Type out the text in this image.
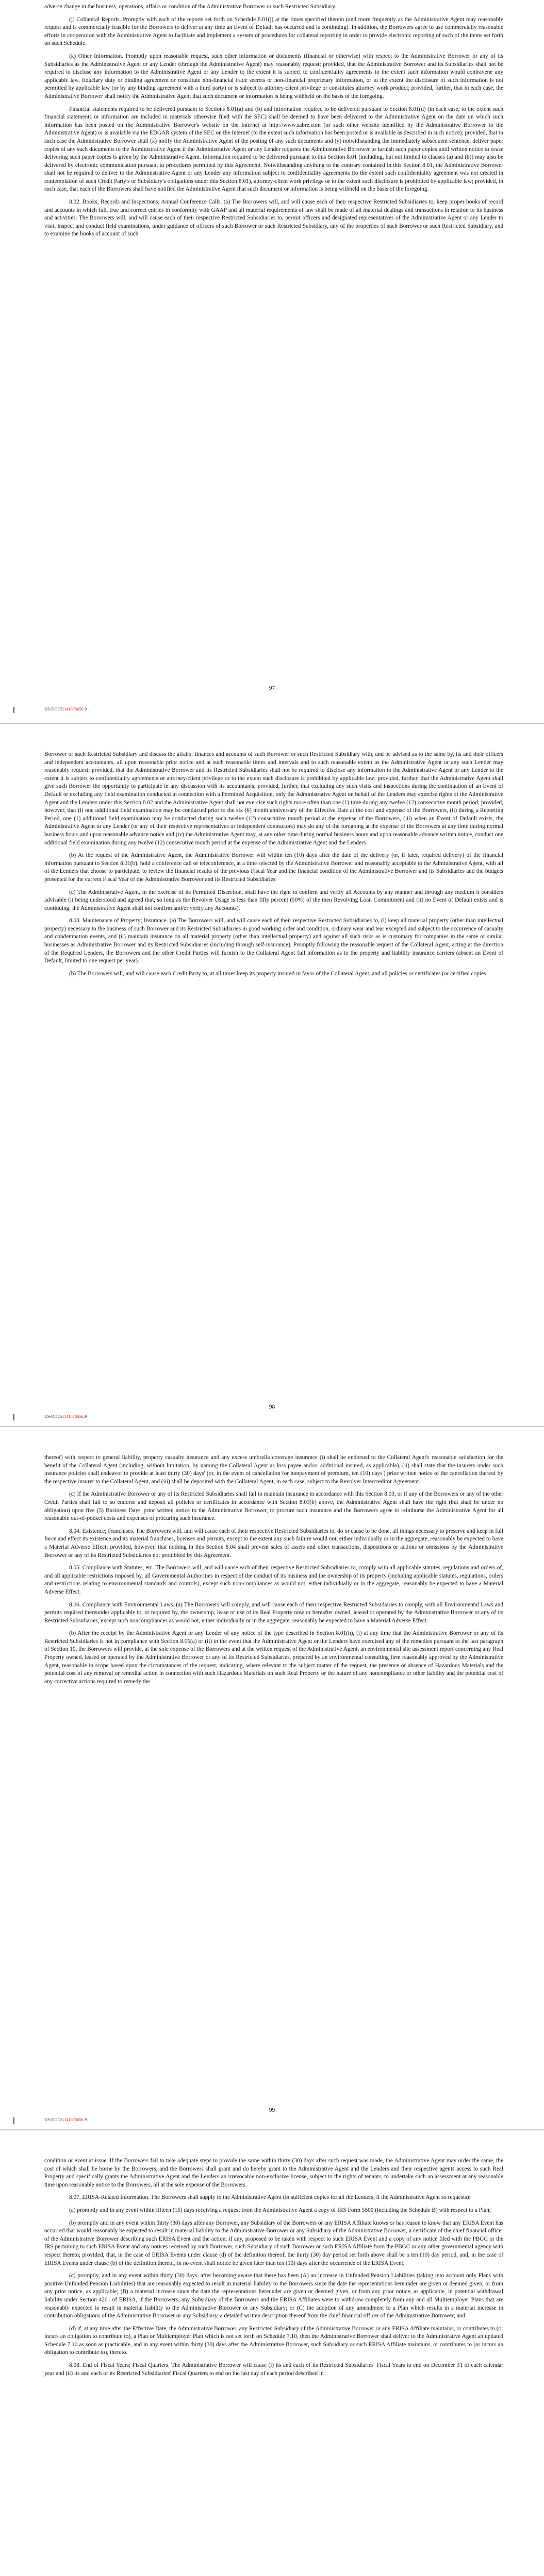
adverse change in the business, operations, affairs or condition of the Administrative Borrower or such Restricted Subsidiary.

(j) Collateral Reports. Promptly with each of the reports set forth on Schedule 8.01(j) at the times specified therein (and more frequently as the Administrative Agent may reasonably request and is commercially feasible for the Borrowers to deliver at any time an Event of Default has occurred and is continuing). In addition, the Borrowers agree to use commercially reasonable efforts in cooperation with the Administrative Agent to facilitate and implement a system of procedures for collateral reporting in order to provide electronic reporting of each of the items set forth on such Schedule.

(k) Other Information. Promptly upon reasonable request, such other information or documents (financial or otherwise) with respect to the Administrative Borrower or any of its Subsidiaries as the Administrative Agent or any Lender (through the Administrative Agent) may reasonably request; provided, that the Administrative Borrower and its Subsidiaries shall not be required to disclose any information to the Administrative Agent or any Lender to the extent it is subject to confidentiality agreements to the extent such information would contravene any applicable law, fiduciary duty or binding agreement or constitute non-financial trade secrets or non-financial proprietary information, or to the extent the disclosure of such information is not permitted by applicable law (or by any binding agreement with a third party) or is subject to attorney-client privilege or constitutes attorney work product; provided, further, that in each case, the Administrative Borrower shall notify the Administrative Agent that such document or information is being withheld on the basis of the foregoing.

Financial statements required to be delivered pursuant to Sections 8.01(a) and (b) and information required to be delivered pursuant to Section 8.01(d) (in each case, to the extent such financial statements or information are included in materials otherwise filed with the SEC) shall be deemed to have been delivered to the Administrative Agent on the date on which such information has been posted on the Administrative Borrower's website on the Internet at http://www.sabre.com (or such other website identified by the Administrative Borrower to the Administrative Agent) or is available via the EDGAR system of the SEC on the Internet (to the extent such information has been posted or is available as described in such notice); provided, that in each case the Administrative Borrower shall (x) notify the Administrative Agent of the posting of any such documents and (y) notwithstanding the immediately subsequent sentence, deliver paper copies of any such documents to the Administrative Agent if the Administrative Agent or any Lender requests the Administrative Borrower to furnish such paper copies until written notice to cease delivering such paper copies is given by the Administrative Agent. Information required to be delivered pursuant to this Section 8.01 (including, but not limited to clauses (a) and (b)) may also be delivered by electronic communication pursuant to procedures permitted by this Agreement. Notwithstanding anything to the contrary contained in this Section 8.01, the Administrative Borrower shall not be required to deliver to the Administrative Agent or any Lender any information subject to confidentiality agreements (to the extent such confidentiality agreement was not created in contemplation of such Credit Party's or Subsidiary's obligations under this Section 8.01), attorney-client work privilege or to the extent such disclosure is prohibited by applicable law; provided, in each case, that each of the Borrowers shall have notified the Administrative Agent that such document or information is being withheld on the basis of the foregoing.

8.02. Books, Records and Inspections; Annual Conference Calls. (a) The Borrowers will, and will cause each of their respective Restricted Subsidiaries to, keep proper books of record and accounts in which full, true and correct entries in conformity with GAAP and all material requirements of law shall be made of all material dealings and transactions in relation to its business and activities. The Borrowers will, and will cause each of their respective Restricted Subsidiaries to, permit officers and designated representatives of the Administrative Agent or any Lender to visit, inspect and conduct field examinations, under guidance of officers of such Borrower or such Restricted Subsidiary, any of the properties of such Borrower or such Restricted Subsidiary, and to examine the books of account of such

97
US-DOCS\141078656.9

Borrower or such Restricted Subsidiary and discuss the affairs, finances and accounts of such Borrower or such Restricted Subsidiary with, and be advised as to the same by, its and their officers and independent accountants, all upon reasonable prior notice and at such reasonable times and intervals and to such reasonable extent as the Administrative Agent or any such Lender may reasonably request; provided, that the Administrative Borrower and its Restricted Subsidiaries shall not be required to disclose any information to the Administrative Agent or any Lender to the extent it is subject to confidentiality agreements or attorney/client privilege or to the extent such disclosure is prohibited by applicable law; provided, further, that the Administrative Agent shall give such Borrower the opportunity to participate in any discussion with its accountants; provided, further, that excluding any such visits and inspections during the continuation of an Event of Default or excluding any field examination conducted in connection with a Permitted Acquisition, only the Administrative Agent on behalf of the Lenders may exercise rights of the Administrative Agent and the Lenders under this Section 8.02 and the Administrative Agent shall not exercise such rights more often than one (1) time during any twelve (12) consecutive month period; provided, however, that (i) one additional field examination may be conducted prior to the six (6) month anniversary of the Effective Date at the cost and expense of the Borrowers, (ii) during a Reporting Period, one (1) additional field examination may be conducted during such twelve (12) consecutive month period at the expense of the Borrowers, (iii) when an Event of Default exists, the Administrative Agent or any Lender (or any of their respective representatives or independent contractors) may do any of the foregoing at the expense of the Borrowers at any time during normal business hours and upon reasonable advance notice and (iv) the Administrative Agent may, at any other time during normal business hours and upon reasonable advance written notice, conduct one additional field examination during any twelve (12) consecutive month period at the expense of the Administrative Agent and the Lenders.

(b) At the request of the Administrative Agent, the Administrative Borrower will within ten (10) days after the date of the delivery (or, if later, required delivery) of the financial information pursuant to Section 8.01(b), hold a conference call or teleconference, at a time selected by the Administrative Borrower and reasonably acceptable to the Administrative Agent, with all of the Lenders that choose to participate, to review the financial results of the previous Fiscal Year and the financial condition of the Administrative Borrower and its Subsidiaries and the budgets presented for the current Fiscal Year of the Administrative Borrower and its Restricted Subsidiaries.

(c) The Administrative Agent, in the exercise of its Permitted Discretion, shall have the right to confirm and verify all Accounts by any manner and through any medium it considers advisable (it being understood and agreed that, so long as the Revolver Usage is less than fifty percent (50%) of the then Revolving Loan Commitment and (ii) no Event of Default exists and is continuing, the Administrative Agent shall not confirm and/or verify any Accounts).

8.03. Maintenance of Property; Insurance. (a) The Borrowers will, and will cause each of their respective Restricted Subsidiaries to, (i) keep all material property (other than intellectual property) necessary to the business of such Borrower and its Restricted Subsidiaries in good working order and condition, ordinary wear and tear excepted and subject to the occurrence of casualty and condemnation events, and (ii) maintain insurance on all material property (other than intellectual property) and against all such risks as is customary for companies in the same or similar businesses as Administrative Borrower and its Restricted Subsidiaries (including through self-insurance). Promptly following the reasonable request of the Collateral Agent, acting at the direction of the Required Lenders, the Borrowers and the other Credit Parties will furnish to the Collateral Agent full information as to the property and liability insurance carriers (absent an Event of Default, limited to one request per year).

(b) The Borrowers will, and will cause each Credit Party to, at all times keep its property insured in favor of the Collateral Agent, and all policies or certificates (or certified copies

98
US-DOCS\141078656.9

thereof) with respect to general liability, property casualty insurance and any excess umbrella coverage insurance (i) shall be endorsed to the Collateral Agent's reasonable satisfaction for the benefit of the Collateral Agent (including, without limitation, by naming the Collateral Agent as loss payee and/or additional insured, as applicable), (ii) shall state that the insurers under such insurance policies shall endeavor to provide at least thirty (30) days' (or, in the event of cancellation for nonpayment of premium, ten (10) days') prior written notice of the cancellation thereof by the respective insurer to the Collateral Agent, and (iii) shall be deposited with the Collateral Agent, in each case, subject to the Revolver Intercreditor Agreement.

(c) If the Administrative Borrower or any of its Restricted Subsidiaries shall fail to maintain insurance in accordance with this Section 8.03, or if any of the Borrowers or any of the other Credit Parties shall fail to so endorse and deposit all policies or certificates in accordance with Section 8.03(b) above, the Administrative Agent shall have the right (but shall be under no obligation) upon five (5) Business Days' prior written notice to the Administrative Borrower, to procure such insurance and the Borrowers agree to reimburse the Administrative Agent for all reasonable out-of-pocket costs and expenses of procuring such insurance.

8.04. Existence; Franchises. The Borrowers will, and will cause each of their respective Restricted Subsidiaries to, do or cause to be done, all things necessary to preserve and keep in full force and effect its existence and its material franchises, licenses and permits, except to the extent any such failure would not, either individually or in the aggregate, reasonably be expected to have a Material Adverse Effect; provided, however, that nothing in this Section 8.04 shall prevent sales of assets and other transactions, dispositions or actions or omissions by the Administrative Borrower or any of its Restricted Subsidiaries not prohibited by this Agreement.

8.05. Compliance with Statutes, etc. The Borrowers will, and will cause each of their respective Restricted Subsidiaries to, comply with all applicable statutes, regulations and orders of, and all applicable restrictions imposed by, all Governmental Authorities in respect of the conduct of its business and the ownership of its property (including applicable statutes, regulations, orders and restrictions relating to environmental standards and controls), except such non-compliances as would not, either individually or in the aggregate, reasonably be expected to have a Material Adverse Effect.

8.06. Compliance with Environmental Laws. (a) The Borrowers will comply, and will cause each of their respective Restricted Subsidiaries to comply, with all Environmental Laws and permits required thereunder applicable to, or required by, the ownership, lease or use of its Real Property now or hereafter owned, leased or operated by the Administrative Borrower or any of its Restricted Subsidiaries, except such noncompliances as would not, either individually or in the aggregate, reasonably be expected to have a Material Adverse Effect.

(b) After the receipt by the Administrative Agent or any Lender of any notice of the type described in Section 8.01(h), (i) at any time that the Administrative Borrower or any of its Restricted Subsidiaries is not in compliance with Section 8.06(a) or (ii) in the event that the Administrative Agent or the Lenders have exercised any of the remedies pursuant to the last paragraph of Section 10, the Borrowers will provide, at the sole expense of the Borrowers and at the written request of the Administrative Agent, an environmental site assessment report concerning any Real Property owned, leased or operated by the Administrative Borrower or any of its Restricted Subsidiaries, prepared by an environmental consulting firm reasonably approved by the Administrative Agent, reasonable in scope based upon the circumstances of the request, indicating, where relevant to the subject matter of the request, the presence or absence of Hazardous Materials and the potential cost of any removal or remedial action in connection with such Hazardous Materials on such Real Property or the nature of any noncompliance or other liability and the potential cost of any corrective actions required to remedy the

99
US-DOCS\141078656.9

condition or event at issue. If the Borrowers fail to take adequate steps to provide the same within thirty (30) days after such request was made, the Administrative Agent may order the same, the cost of which shall be borne by the Borrowers, and the Borrowers shall grant and do hereby grant to the Administrative Agent and the Lenders and their respective agents access to such Real Property and specifically grants the Administrative Agent and the Lenders an irrevocable non-exclusive license, subject to the rights of tenants, to undertake such an assessment at any reasonable time upon reasonable notice to the Borrowers, all at the sole expense of the Borrowers.

8.07. ERISA-Related Information. The Borrowers shall supply to the Administrative Agent (in sufficient copies for all the Lenders, if the Administrative Agent so requests):

(a) promptly and in any event within fifteen (15) days receiving a request from the Administrative Agent a copy of IRS Form 5500 (including the Schedule B) with respect to a Plan;

(b) promptly and in any event within thirty (30) days after any Borrower, any Subsidiary of the Borrowers or any ERISA Affiliate knows or has reason to know that any ERISA Event has occurred that would reasonably be expected to result in material liability to the Administrative Borrower or any Subsidiary of the Administrative Borrower, a certificate of the chief financial officer of the Administrative Borrower describing such ERISA Event and the action, if any, proposed to be taken with respect to such ERISA Event and a copy of any notice filed with the PBGC or the IRS pertaining to such ERISA Event and any notices received by such Borrower, such Subsidiary of such Borrower or such ERISA Affiliate from the PBGC or any other governmental agency with respect thereto; provided, that, in the case of ERISA Events under clause (d) of the definition thereof, the thirty (30) day period set forth above shall be a ten (10) day period, and, in the case of ERISA Events under clause (b) of the definition thereof, in no event shall notice be given later than ten (10) days after the occurrence of the ERISA Event;

(c) promptly, and in any event within thirty (30) days, after becoming aware that there has been (A) an increase in Unfunded Pension Liabilities (taking into account only Plans with positive Unfunded Pension Liabilities) that are reasonably expected to result in material liability to the Borrowers since the date the representations hereunder are given or deemed given, or from any prior notice, as applicable; (B) a material increase since the date the representations hereunder are given or deemed given, or from any prior notice, as applicable, in potential withdrawal liability under Section 4201 of ERISA, if the Borrowers, any Subsidiary of the Borrowers and the ERISA Affiliates were to withdraw completely from any and all Multiemployer Plans that are reasonably expected to result in material liability to the Administrative Borrower or any Subsidiary; or (C) the adoption of any amendment to a Plan which results in a material increase in contribution obligations of the Administrative Borrower or any Subsidiary, a detailed written description thereof from the chief financial officer of the Administrative Borrower; and

(d) if, at any time after the Effective Date, the Administrative Borrower, any Restricted Subsidiary of the Administrative Borrower or any ERISA Affiliate maintains, or contributes to (or incurs an obligation to contribute to), a Plan or Multiemployer Plan which is not set forth on Schedule 7.10, then the Administrative Borrower shall deliver to the Administrative Agent an updated Schedule 7.10 as soon as practicable, and in any event within thirty (30) days after the Administrative Borrower, such Subsidiary or such ERISA Affiliate maintains, or contributes to (or incurs an obligation to contribute to), thereto.

8.08. End of Fiscal Years; Fiscal Quarters. The Administrative Borrower will cause (i) its and each of its Restricted Subsidiaries' Fiscal Years to end on December 31 of each calendar year and (ii) its and each of its Restricted Subsidiaries' Fiscal Quarters to end on the last day of each period described in
